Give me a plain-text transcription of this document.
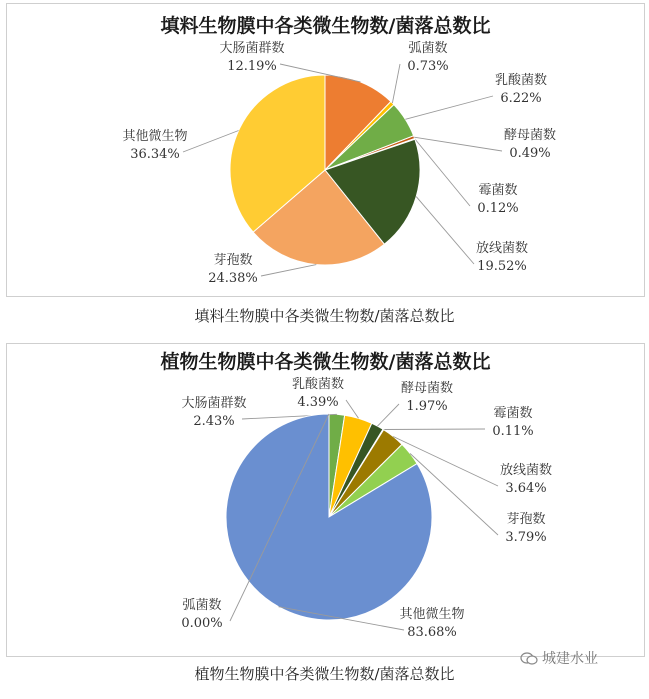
填料生物膜中各类微生物数/菌落总数比
大肠菌群数
12.19%
弧菌数
0.73%
乳酸菌数
6.22%
酵母菌数
0.49%
霉菌数
0.12%
放线菌数
19.52%
芽孢数
24.38%
其他微生物
36.34%
填料生物膜中各类微生物数/菌落总数比
植物生物膜中各类微生物数/菌落总数比
大肠菌群数
2.43%
乳酸菌数
4.39%
酵母菌数
1.97%	霉菌数
0.11%
放线菌数
3.64%
芽孢数
3.79%
其他微生物
83.68%
弧菌数
0.00%
植物生物膜中各类微生物数/菌落总数比
城建水业
